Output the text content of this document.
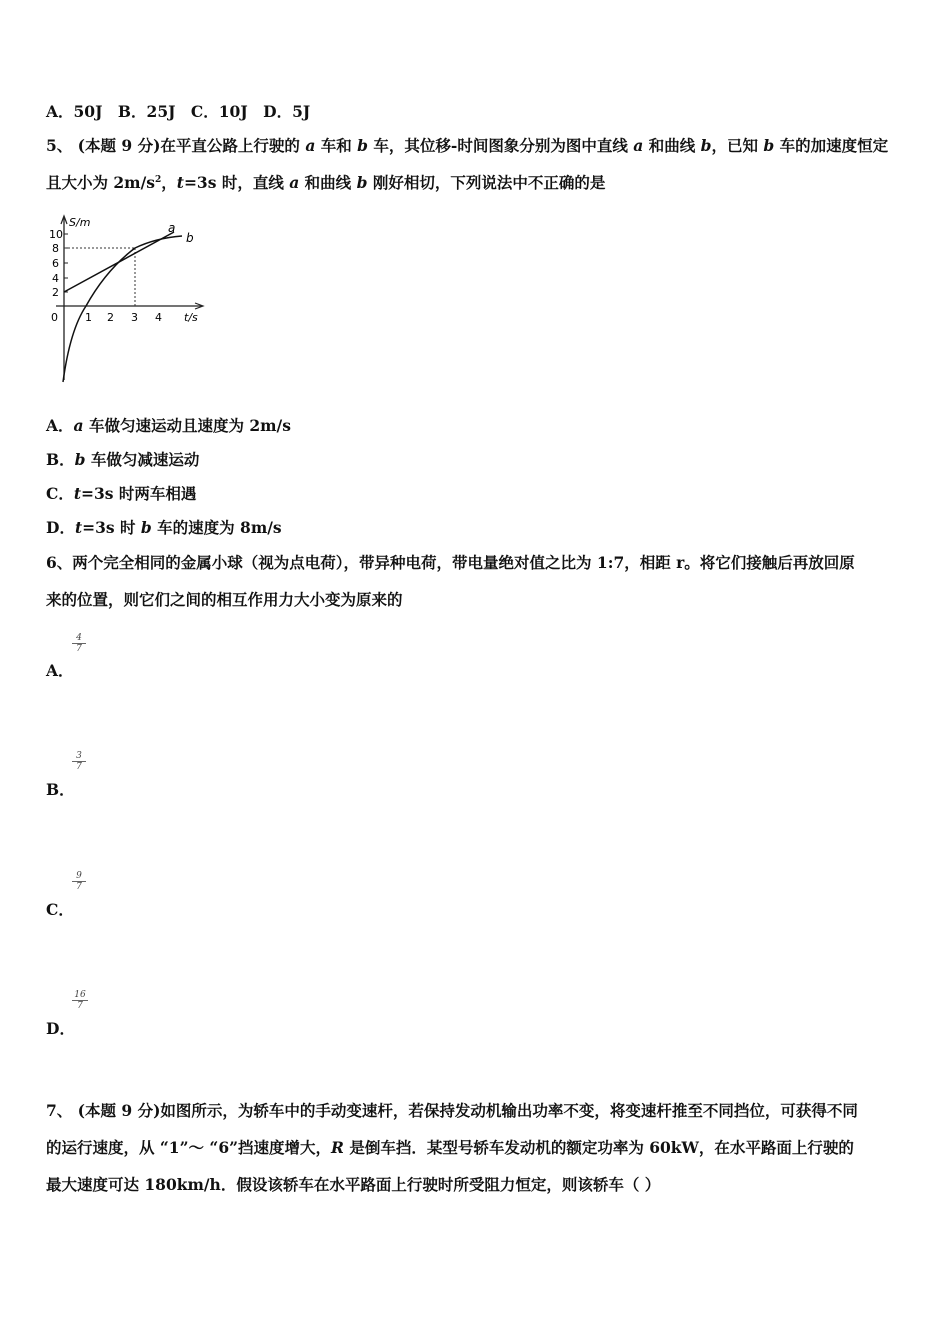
A．50J　B．25J　C．10J　D．5J
5、 (本题 9 分)在平直公路上行驶的 a 车和 b 车，其位移-时间图象分别为图中直线 a 和曲线 b，已知 b 车的加速度恒定
且大小为 $2m/s^2$，t=3s 时，直线 a 和曲线 b 刚好相切，下列说法中不正确的是
10
8
6
4
2
S/m
0 1 2 3 4 t/s
a
b
A．a 车做匀速运动且速度为 2m/s
B．b 车做匀减速运动
C．t=3s 时两车相遇
D．t=3s 时 b 车的速度为 8m/s
6、两个完全相同的金属小球（视为点电荷），带异种电荷，带电量绝对值之比为 1:7，相距 r。将它们接触后再放回原
来的位置，则它们之间的相互作用力大小变为原来的
$\frac{4}{7}$
A．
$\frac{3}{7}$
B．
$\frac{9}{7}$
C．
$\frac{16}{7}$
D．
7、 (本题 9 分)如图所示，为轿车中的手动变速杆，若保持发动机输出功率不变，将变速杆推至不同挡位，可获得不同
的运行速度，从 “1”～ “6”挡速度增大，R 是倒车挡．某型号轿车发动机的额定功率为 60kW，在水平路面上行驶的
最大速度可达 180km/h．假设该轿车在水平路面上行驶时所受阻力恒定，则该轿车（ ）
